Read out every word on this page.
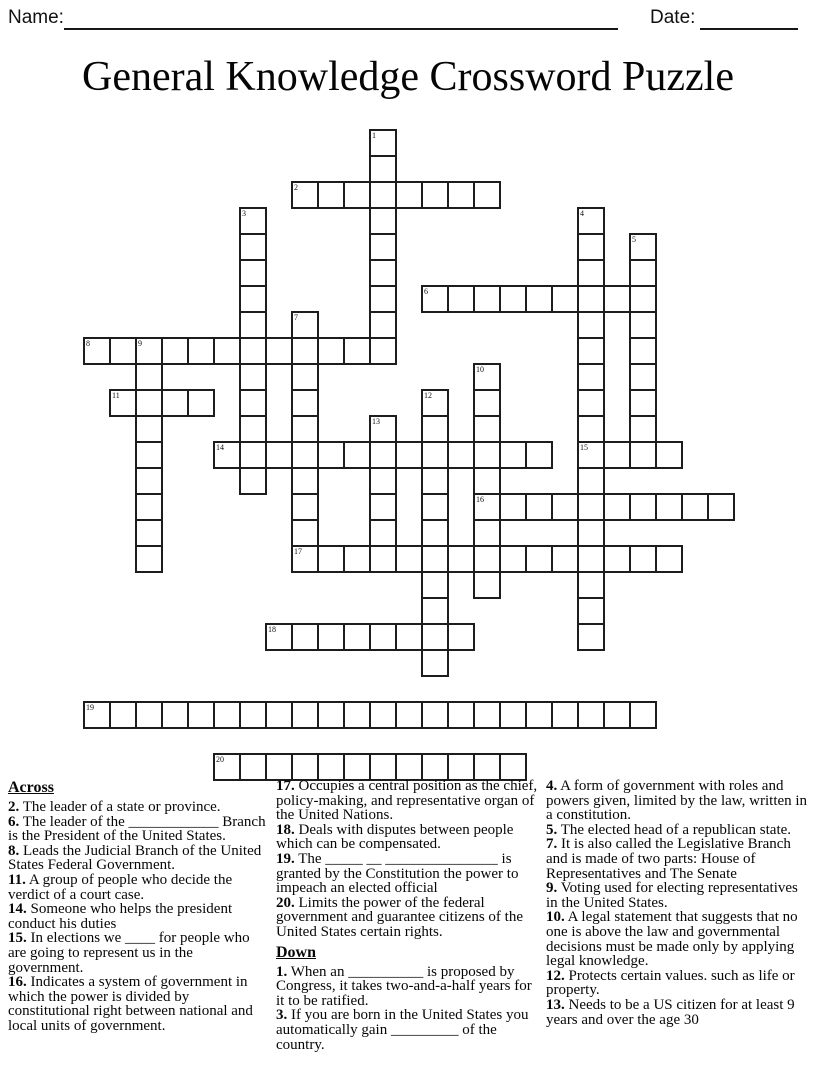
Name:	Date:
General Knowledge Crossword Puzzle
1
2
3	4
5
6
7
8	9
10
11	12
13
14	15
16
17
18
19
20
Across

2. The leader of a state or province.

6. The leader of the ____________ Branch is the President of the United States.

8. Leads the Judicial Branch of the United States Federal Government.

11. A group of people who decide the verdict of a court case.

14. Someone who helps the president conduct his duties

15. In elections we ____ for people who are going to represent us in the government.

16. Indicates a system of government in which the power is divided by constitutional right between national and local units of government.

17. Occupies a central position as the chief, policy-making, and representative organ of the United Nations.

18. Deals with disputes between people which can be compensated.

19. The _____ __ _______________ is granted by the Constitution the power to impeach an elected official

20. Limits the power of the federal government and guarantee citizens of the United States certain rights.

Down

1. When an __________ is proposed by Congress, it takes two-and-a-half years for it to be ratified.

3. If you are born in the United States you automatically gain _________ of the country.

4. A form of government with roles and powers given, limited by the law, written in a constitution.

5. The elected head of a republican state.

7. It is also called the Legislative Branch and is made of two parts: House of Representatives and The Senate

9. Voting used for electing representatives in the United States.

10. A legal statement that suggests that no one is above the law and governmental decisions must be made only by applying legal knowledge.

12. Protects certain values. such as life or property.

13. Needs to be a US citizen for at least 9 years and over the age 30
